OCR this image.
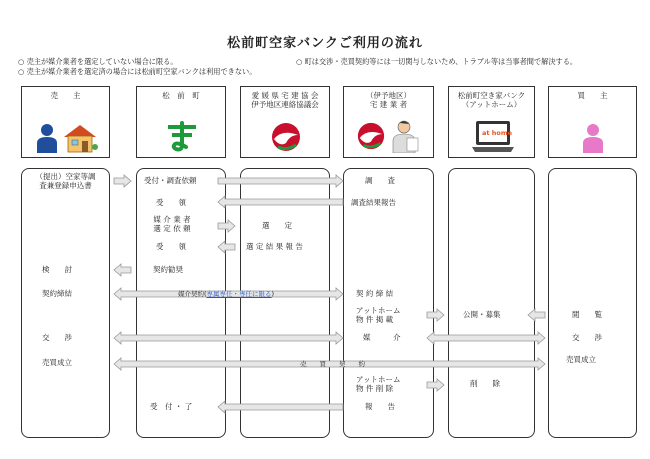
松前町空家バンクご利用の流れ
○ 売主が媒介業者を選定していない場合に限る。
○ 売主が媒介業者を選定済の場合には松前町空家バンクは利用できない。
○ 町は交渉・売買契約等には一切関与しないため、トラブル等は当事者間で解決する。
売　　主	松　前　町	愛 媛 県 宅 建 協 会
伊予地区連絡協議会
（伊予地区）
宅 建 業 者
松前町空き家バンク
（アットホーム）
at home
買　　主
（提出）空家等調
査兼登録申込書
検　　討
契約締結
交　　渉
売買成立
受付・調査依頼
受　　領
媒 介 業 者
選 定 依 頼
受　　領
契約勧奨
受　付 ・ 了
選　　定
選 定 結 果 報 告
媒介契約(専属専任・専任に限る)
調　　査
調査結果報告
契 約 締 結
アットホーム
物 件 掲 載
媒　　　介
アットホーム
物 件 削 除
報　　告
公開・募集
削　　除
売　　買　　契　　約
閲　　覧
交　　渉
売買成立
